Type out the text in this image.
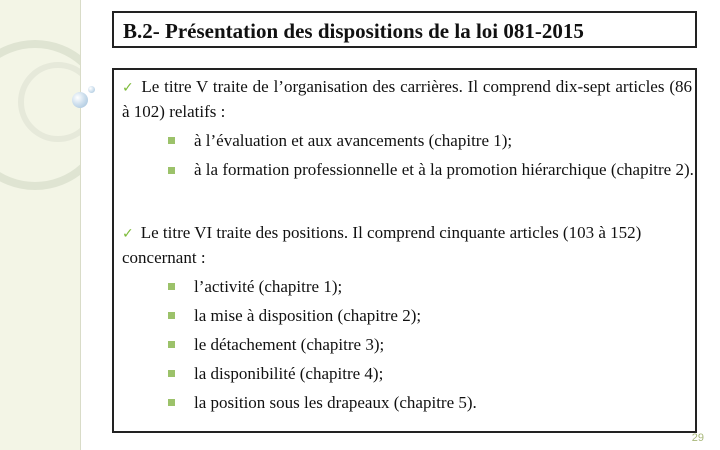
B.2- Présentation des dispositions de la loi 081-2015
✓ Le titre V traite de l’organisation des carrières. Il comprend dix-sept articles (86 à 102) relatifs :
à l’évaluation et aux avancements (chapitre 1);
à la formation professionnelle et à la promotion hiérarchique (chapitre 2).
✓ Le titre VI traite des positions. Il comprend cinquante articles (103 à 152) concernant :
l’activité (chapitre 1);
la mise à disposition (chapitre 2);
le détachement (chapitre 3);
la disponibilité (chapitre 4);
la position sous les drapeaux (chapitre 5).
29
